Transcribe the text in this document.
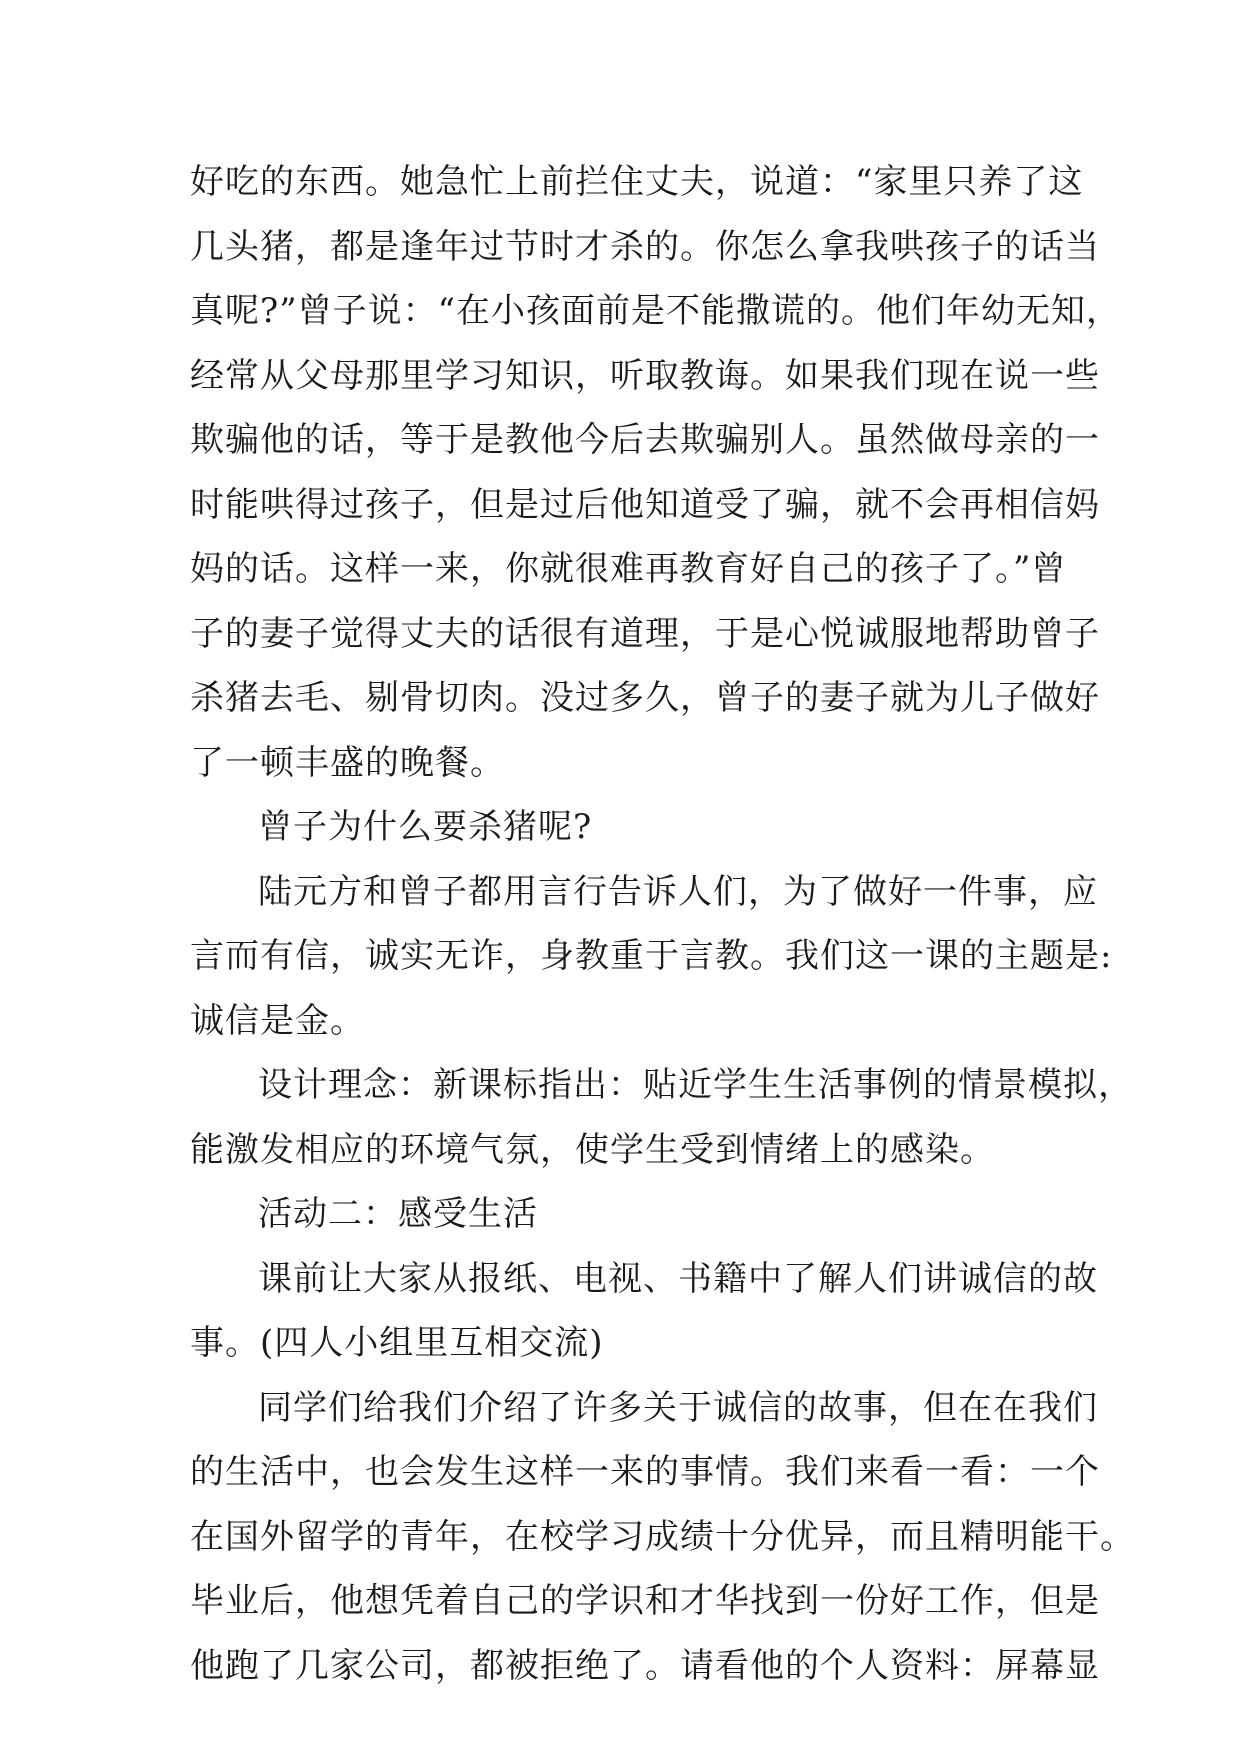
好吃的东西。她急忙上前拦住丈夫，说道：“家里只养了这
几头猪，都是逢年过节时才杀的。你怎么拿我哄孩子的话当
真呢?”曾子说：“在小孩面前是不能撒谎的。他们年幼无知，
经常从父母那里学习知识，听取教诲。如果我们现在说一些
欺骗他的话，等于是教他今后去欺骗别人。虽然做母亲的一
时能哄得过孩子，但是过后他知道受了骗，就不会再相信妈
妈的话。这样一来，你就很难再教育好自己的孩子了。”曾
子的妻子觉得丈夫的话很有道理，于是心悦诚服地帮助曾子
杀猪去毛、剔骨切肉。没过多久，曾子的妻子就为儿子做好
了一顿丰盛的晚餐。
曾子为什么要杀猪呢?
陆元方和曾子都用言行告诉人们，为了做好一件事，应
言而有信，诚实无诈，身教重于言教。我们这一课的主题是:
诚信是金。
设计理念：新课标指出：贴近学生生活事例的情景模拟，
能激发相应的环境气氛，使学生受到情绪上的感染。
活动二：感受生活
课前让大家从报纸、电视、书籍中了解人们讲诚信的故
事。(四人小组里互相交流)
同学们给我们介绍了许多关于诚信的故事，但在在我们
的生活中，也会发生这样一来的事情。我们来看一看：一个
在国外留学的青年，在校学习成绩十分优异，而且精明能干。
毕业后，他想凭着自己的学识和才华找到一份好工作，但是
他跑了几家公司，都被拒绝了。请看他的个人资料：屏幕显
